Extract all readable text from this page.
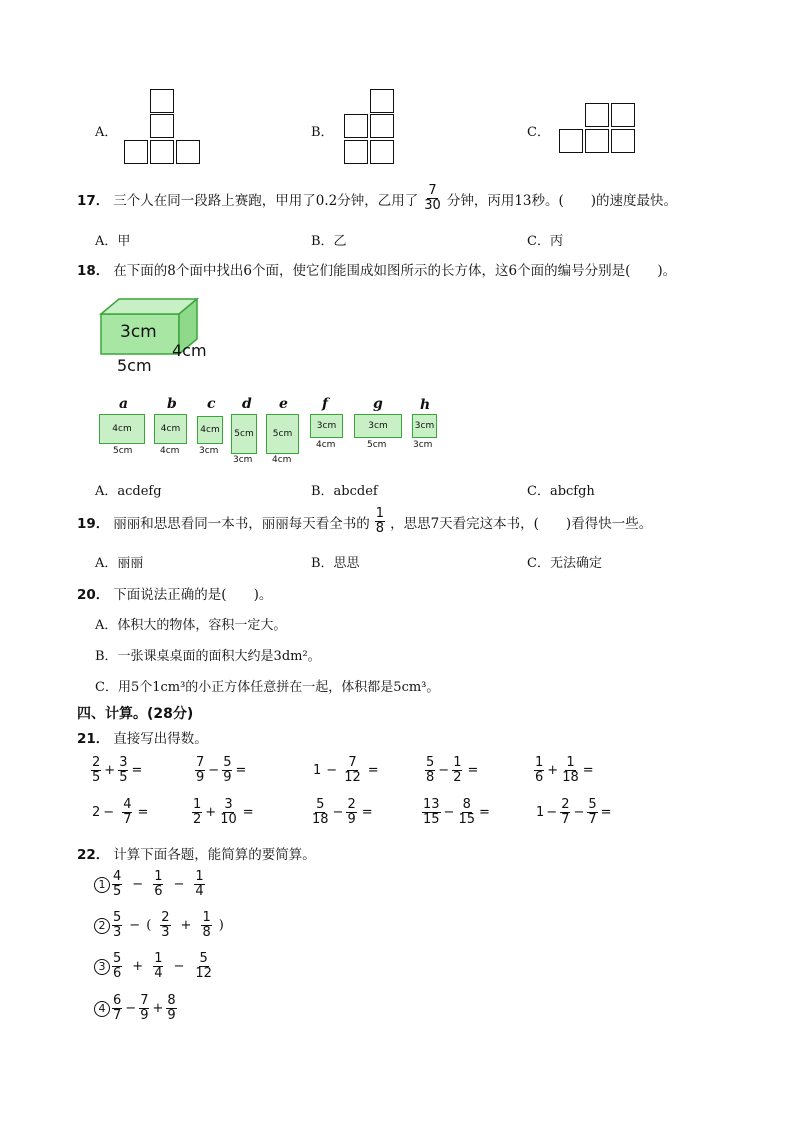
A．	B．	C．
17． 三个人在同一段路上赛跑，甲用了0.2分钟，乙用了 $\frac{7}{30}$ 分钟，丙用13秒。(　　)的速度最快。
A．甲	B．乙	C．丙
18． 在下面的8个面中找出6个面，使它们能围成如图所示的长方体，这6个面的编号分别是(　　)。
3cm
4cm
5cm
a
4cm
5cm
b
4cm
4cm
c
4cm
3cm
d
5cm
3cm
e
5cm
4cm
f
3cm
4cm
g
3cm
5cm
h
3cm
3cm
A．acdefg	B．abcdef	C．abcfgh
19． 丽丽和思思看同一本书，丽丽每天看全书的 $\frac{1}{8}$ ，思思7天看完这本书，(　　)看得快一些。
A．丽丽	B．思思	C．无法确定
20． 下面说法正确的是(　　)。
A．体积大的物体，容积一定大。
B．一张课桌桌面的面积大约是3dm²。
C．用5个1cm³的小正方体任意拼在一起，体积都是5cm³。
四、计算。(28分)
21． 直接写出得数。
$\frac{2}{5} + \frac{3}{5}$ =	$\frac{7}{9} - \frac{5}{9}$ =	$1 - \frac{7}{12}$ =	$\frac{5}{8} - \frac{1}{2}$ =	$\frac{1}{6} + \frac{1}{18}$ =
$2 - \frac{4}{7}$ =	$\frac{1}{2} + \frac{3}{10}$ =	$\frac{5}{18} - \frac{2}{9}$ =	$\frac{13}{15} - \frac{8}{15}$ =	$1 - \frac{2}{7} - \frac{5}{7}$ =
22． 计算下面各题，能简算的要简算。
$1 \frac{4}{5} - \frac{1}{6} - \frac{1}{4}$
$2 \frac{5}{3}$ − ( $\frac{2}{3} + \frac{1}{8}$ )
$3 \frac{5}{6} + \frac{1}{4} - \frac{5}{12}$
$4 \frac{6}{7} - \frac{7}{9} + \frac{8}{9}$
